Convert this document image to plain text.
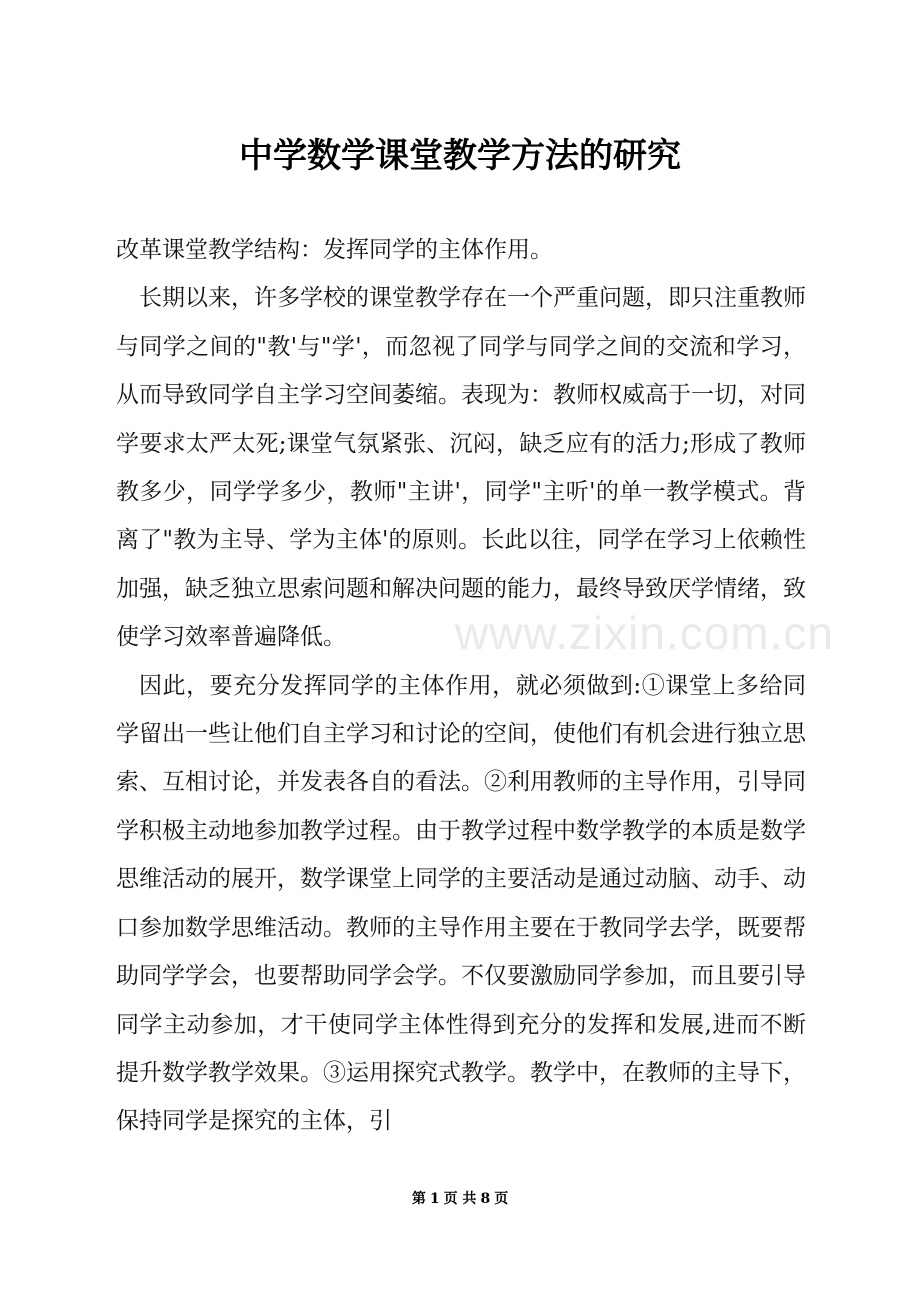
中学数学课堂教学方法的研究

改革课堂教学结构：发挥同学的主体作用。

长期以来，许多学校的课堂教学存在一个严重问题，即只注重教师与同学之间的"教'与"学'，而忽视了同学与同学之间的交流和学习，从而导致同学自主学习空间萎缩。表现为：教师权威高于一切，对同学要求太严太死;课堂气氛紧张、沉闷，缺乏应有的活力;形成了教师教多少，同学学多少，教师"主讲'，同学"主听'的单一教学模式。背离了"教为主导、学为主体'的原则。长此以往，同学在学习上依赖性加强，缺乏独立思索问题和解决问题的能力，最终导致厌学情绪，致使学习效率普遍降低。

因此，要充分发挥同学的主体作用，就必须做到:①课堂上多给同学留出一些让他们自主学习和讨论的空间，使他们有机会进行独立思索、互相讨论，并发表各自的看法。②利用教师的主导作用，引导同学积极主动地参加教学过程。由于教学过程中数学教学的本质是数学思维活动的展开，数学课堂上同学的主要活动是通过动脑、动手、动口参加数学思维活动。教师的主导作用主要在于教同学去学，既要帮助同学学会，也要帮助同学会学。不仅要激励同学参加，而且要引导同学主动参加，才干使同学主体性得到充分的发挥和发展,进而不断提升数学教学效果。③运用探究式教学。教学中，在教师的主导下，保持同学是探究的主体，引

www.zixin.com.cn
第 1 页 共 8 页
